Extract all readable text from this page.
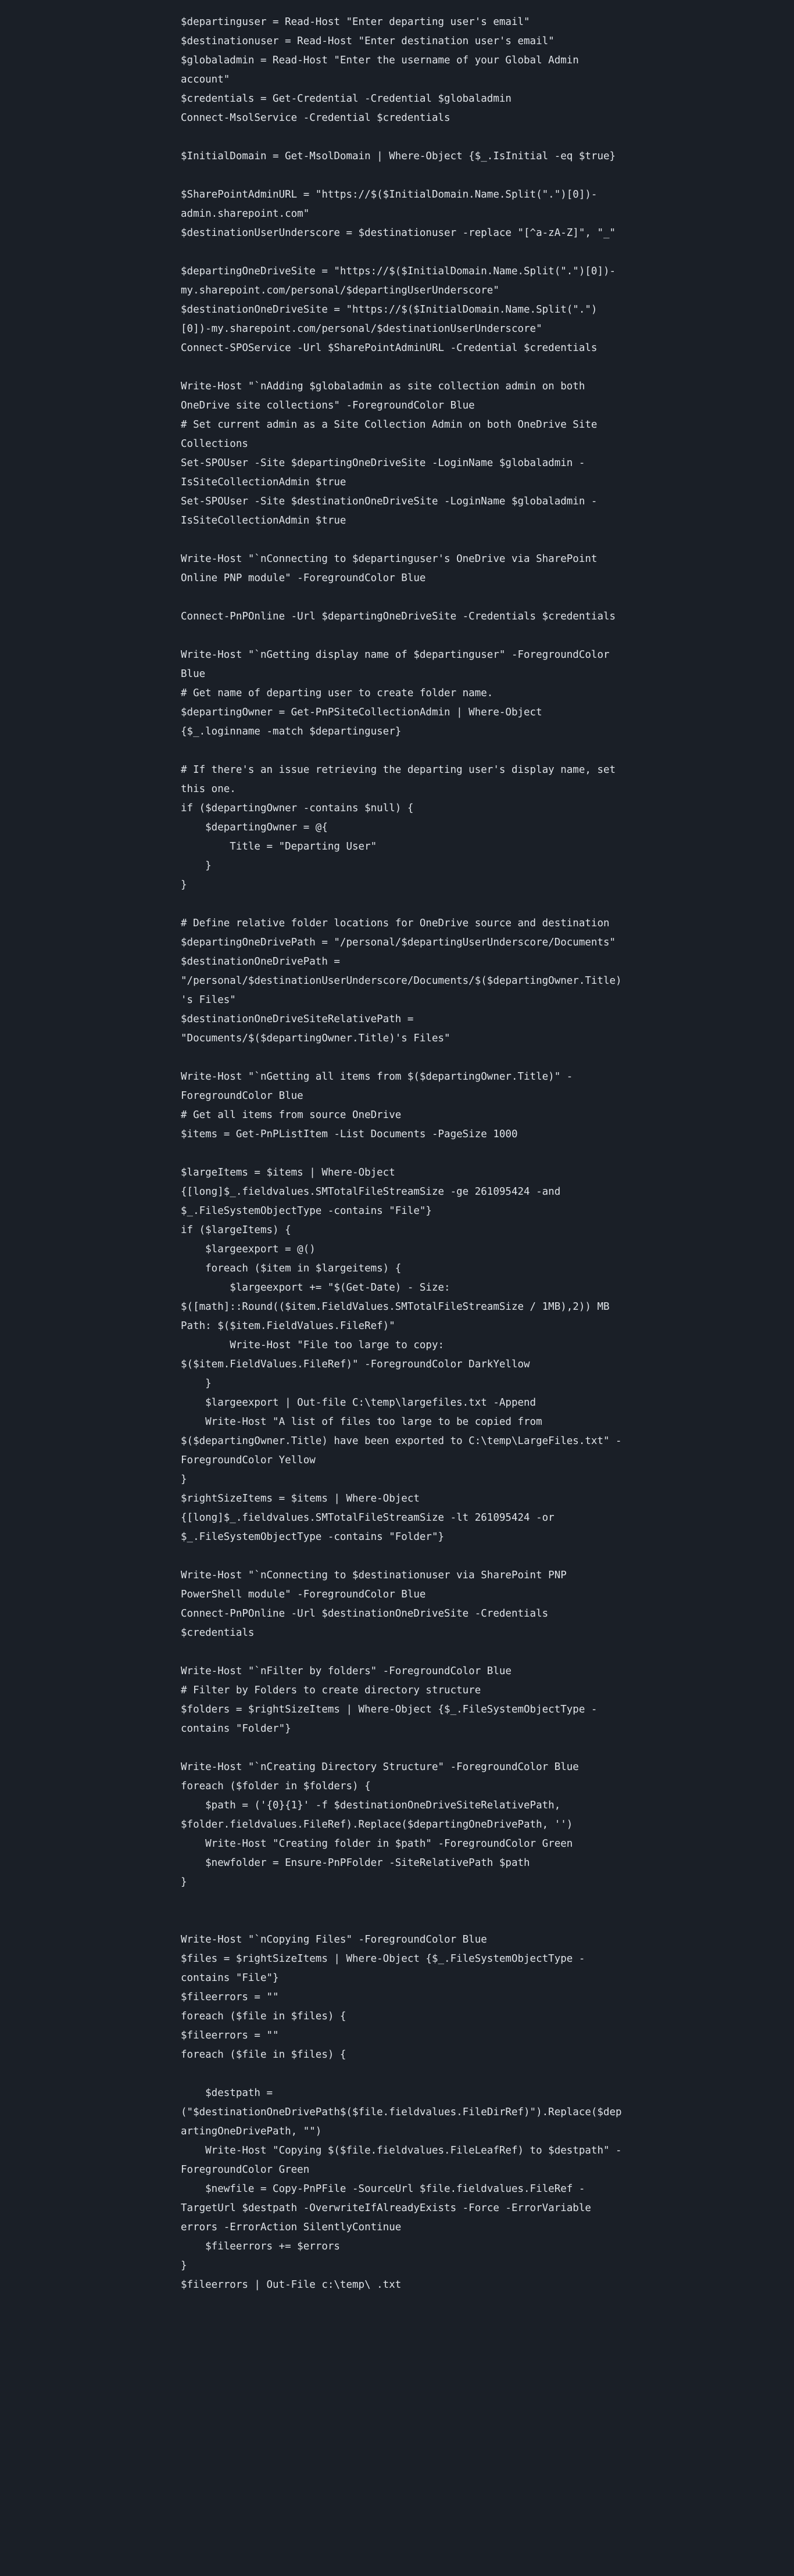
$departinguser = Read-Host "Enter departing user's email"
$destinationuser = Read-Host "Enter destination user's email"
$globaladmin = Read-Host "Enter the username of your Global Admin
account"
$credentials = Get-Credential -Credential $globaladmin
Connect-MsolService -Credential $credentials
$InitialDomain = Get-MsolDomain | Where-Object {$_.IsInitial -eq $true}
$SharePointAdminURL = "https://$($InitialDomain.Name.Split(".")[0])-
admin.sharepoint.com"
$destinationUserUnderscore = $destinationuser -replace "[^a-zA-Z]", "_"
$departingOneDriveSite = "https://$($InitialDomain.Name.Split(".")[0])-
my.sharepoint.com/personal/$departingUserUnderscore"
$destinationOneDriveSite = "https://$($InitialDomain.Name.Split(".")
[0])-my.sharepoint.com/personal/$destinationUserUnderscore"
Connect-SPOService -Url $SharePointAdminURL -Credential $credentials
Write-Host "`nAdding $globaladmin as site collection admin on both
OneDrive site collections" -ForegroundColor Blue
# Set current admin as a Site Collection Admin on both OneDrive Site
Collections
Set-SPOUser -Site $departingOneDriveSite -LoginName $globaladmin -
IsSiteCollectionAdmin $true
Set-SPOUser -Site $destinationOneDriveSite -LoginName $globaladmin -
IsSiteCollectionAdmin $true
Write-Host "`nConnecting to $departinguser's OneDrive via SharePoint
Online PNP module" -ForegroundColor Blue
Connect-PnPOnline -Url $departingOneDriveSite -Credentials $credentials
Write-Host "`nGetting display name of $departinguser" -ForegroundColor
Blue
# Get name of departing user to create folder name.
$departingOwner = Get-PnPSiteCollectionAdmin | Where-Object
{$_.loginname -match $departinguser}
# If there's an issue retrieving the departing user's display name, set
this one.
if ($departingOwner -contains $null) {
$departingOwner = @{
Title = "Departing User"
}
}
# Define relative folder locations for OneDrive source and destination
$departingOneDrivePath = "/personal/$departingUserUnderscore/Documents"
$destinationOneDrivePath =
"/personal/$destinationUserUnderscore/Documents/$($departingOwner.Title)
's Files"
$destinationOneDriveSiteRelativePath =
"Documents/$($departingOwner.Title)'s Files"
Write-Host "`nGetting all items from $($departingOwner.Title)" -
ForegroundColor Blue
# Get all items from source OneDrive
$items = Get-PnPListItem -List Documents -PageSize 1000
$largeItems = $items | Where-Object
{[long]$_.fieldvalues.SMTotalFileStreamSize -ge 261095424 -and
$_.FileSystemObjectType -contains "File"}
if ($largeItems) {
$largeexport = @()
foreach ($item in $largeitems) {
$largeexport += "$(Get-Date) - Size:
$([math]::Round(($item.FieldValues.SMTotalFileStreamSize / 1MB),2)) MB
Path: $($item.FieldValues.FileRef)"
Write-Host "File too large to copy:
$($item.FieldValues.FileRef)" -ForegroundColor DarkYellow
}
$largeexport | Out-file C:\temp\largefiles.txt -Append
Write-Host "A list of files too large to be copied from
$($departingOwner.Title) have been exported to C:\temp\LargeFiles.txt" -
ForegroundColor Yellow
}
$rightSizeItems = $items | Where-Object
{[long]$_.fieldvalues.SMTotalFileStreamSize -lt 261095424 -or
$_.FileSystemObjectType -contains "Folder"}
Write-Host "`nConnecting to $destinationuser via SharePoint PNP
PowerShell module" -ForegroundColor Blue
Connect-PnPOnline -Url $destinationOneDriveSite -Credentials
$credentials
Write-Host "`nFilter by folders" -ForegroundColor Blue
# Filter by Folders to create directory structure
$folders = $rightSizeItems | Where-Object {$_.FileSystemObjectType -
contains "Folder"}
Write-Host "`nCreating Directory Structure" -ForegroundColor Blue
foreach ($folder in $folders) {
$path = ('{0}{1}' -f $destinationOneDriveSiteRelativePath,
$folder.fieldvalues.FileRef).Replace($departingOneDrivePath, '')
Write-Host "Creating folder in $path" -ForegroundColor Green
$newfolder = Ensure-PnPFolder -SiteRelativePath $path
}
Write-Host "`nCopying Files" -ForegroundColor Blue
$files = $rightSizeItems | Where-Object {$_.FileSystemObjectType -
contains "File"}
$fileerrors = ""
foreach ($file in $files) {
$fileerrors = ""
foreach ($file in $files) {
$destpath =
("$destinationOneDrivePath$($file.fieldvalues.FileDirRef)").Replace($dep
artingOneDrivePath, "")
Write-Host "Copying $($file.fieldvalues.FileLeafRef) to $destpath" -
ForegroundColor Green
$newfile = Copy-PnPFile -SourceUrl $file.fieldvalues.FileRef -
TargetUrl $destpath -OverwriteIfAlreadyExists -Force -ErrorVariable
errors -ErrorAction SilentlyContinue
$fileerrors += $errors
}
$fileerrors | Out-File c:\temp\ .txt
